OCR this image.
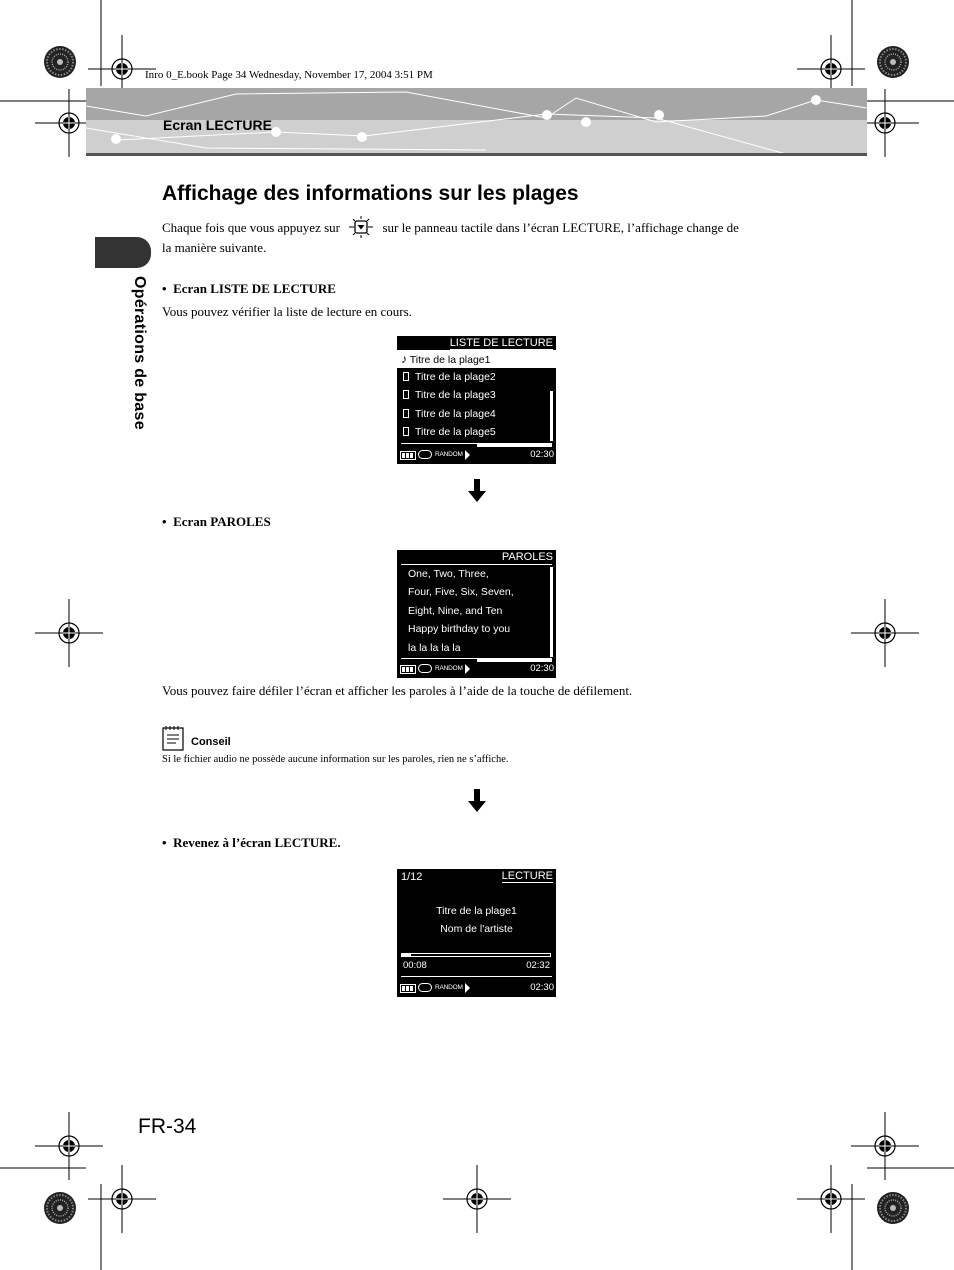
Inro 0_E.book Page 34 Wednesday, November 17, 2004 3:51 PM
Ecran LECTURE
Opérations de base
Affichage des informations sur les plages
Chaque fois que vous appuyez sur	sur le panneau tactile dans l’écran LECTURE, l’affichage change de
la manière suivante.
• Ecran LISTE DE LECTURE
Vous pouvez vérifier la liste de lecture en cours.
LISTE DE LECTURE
♪ Titre de la plage1
Titre de la plage2
Titre de la plage3
Titre de la plage4
Titre de la plage5
RANDOM	02:30
• Ecran PAROLES
PAROLES
One, Two, Three,
Four, Five, Six, Seven,
Eight, Nine, and Ten
Happy birthday to you
la la la la la
RANDOM	02:30
Vous pouvez faire défiler l’écran et afficher les paroles à l’aide de la touche de défilement.
Conseil
Si le fichier audio ne possède aucune information sur les paroles, rien ne s’affiche.
• Revenez à l’écran LECTURE.
1/12	LECTURE
Titre de la plage1
Nom de l'artiste
00:08	02:32
RANDOM	02:30
FR-34
